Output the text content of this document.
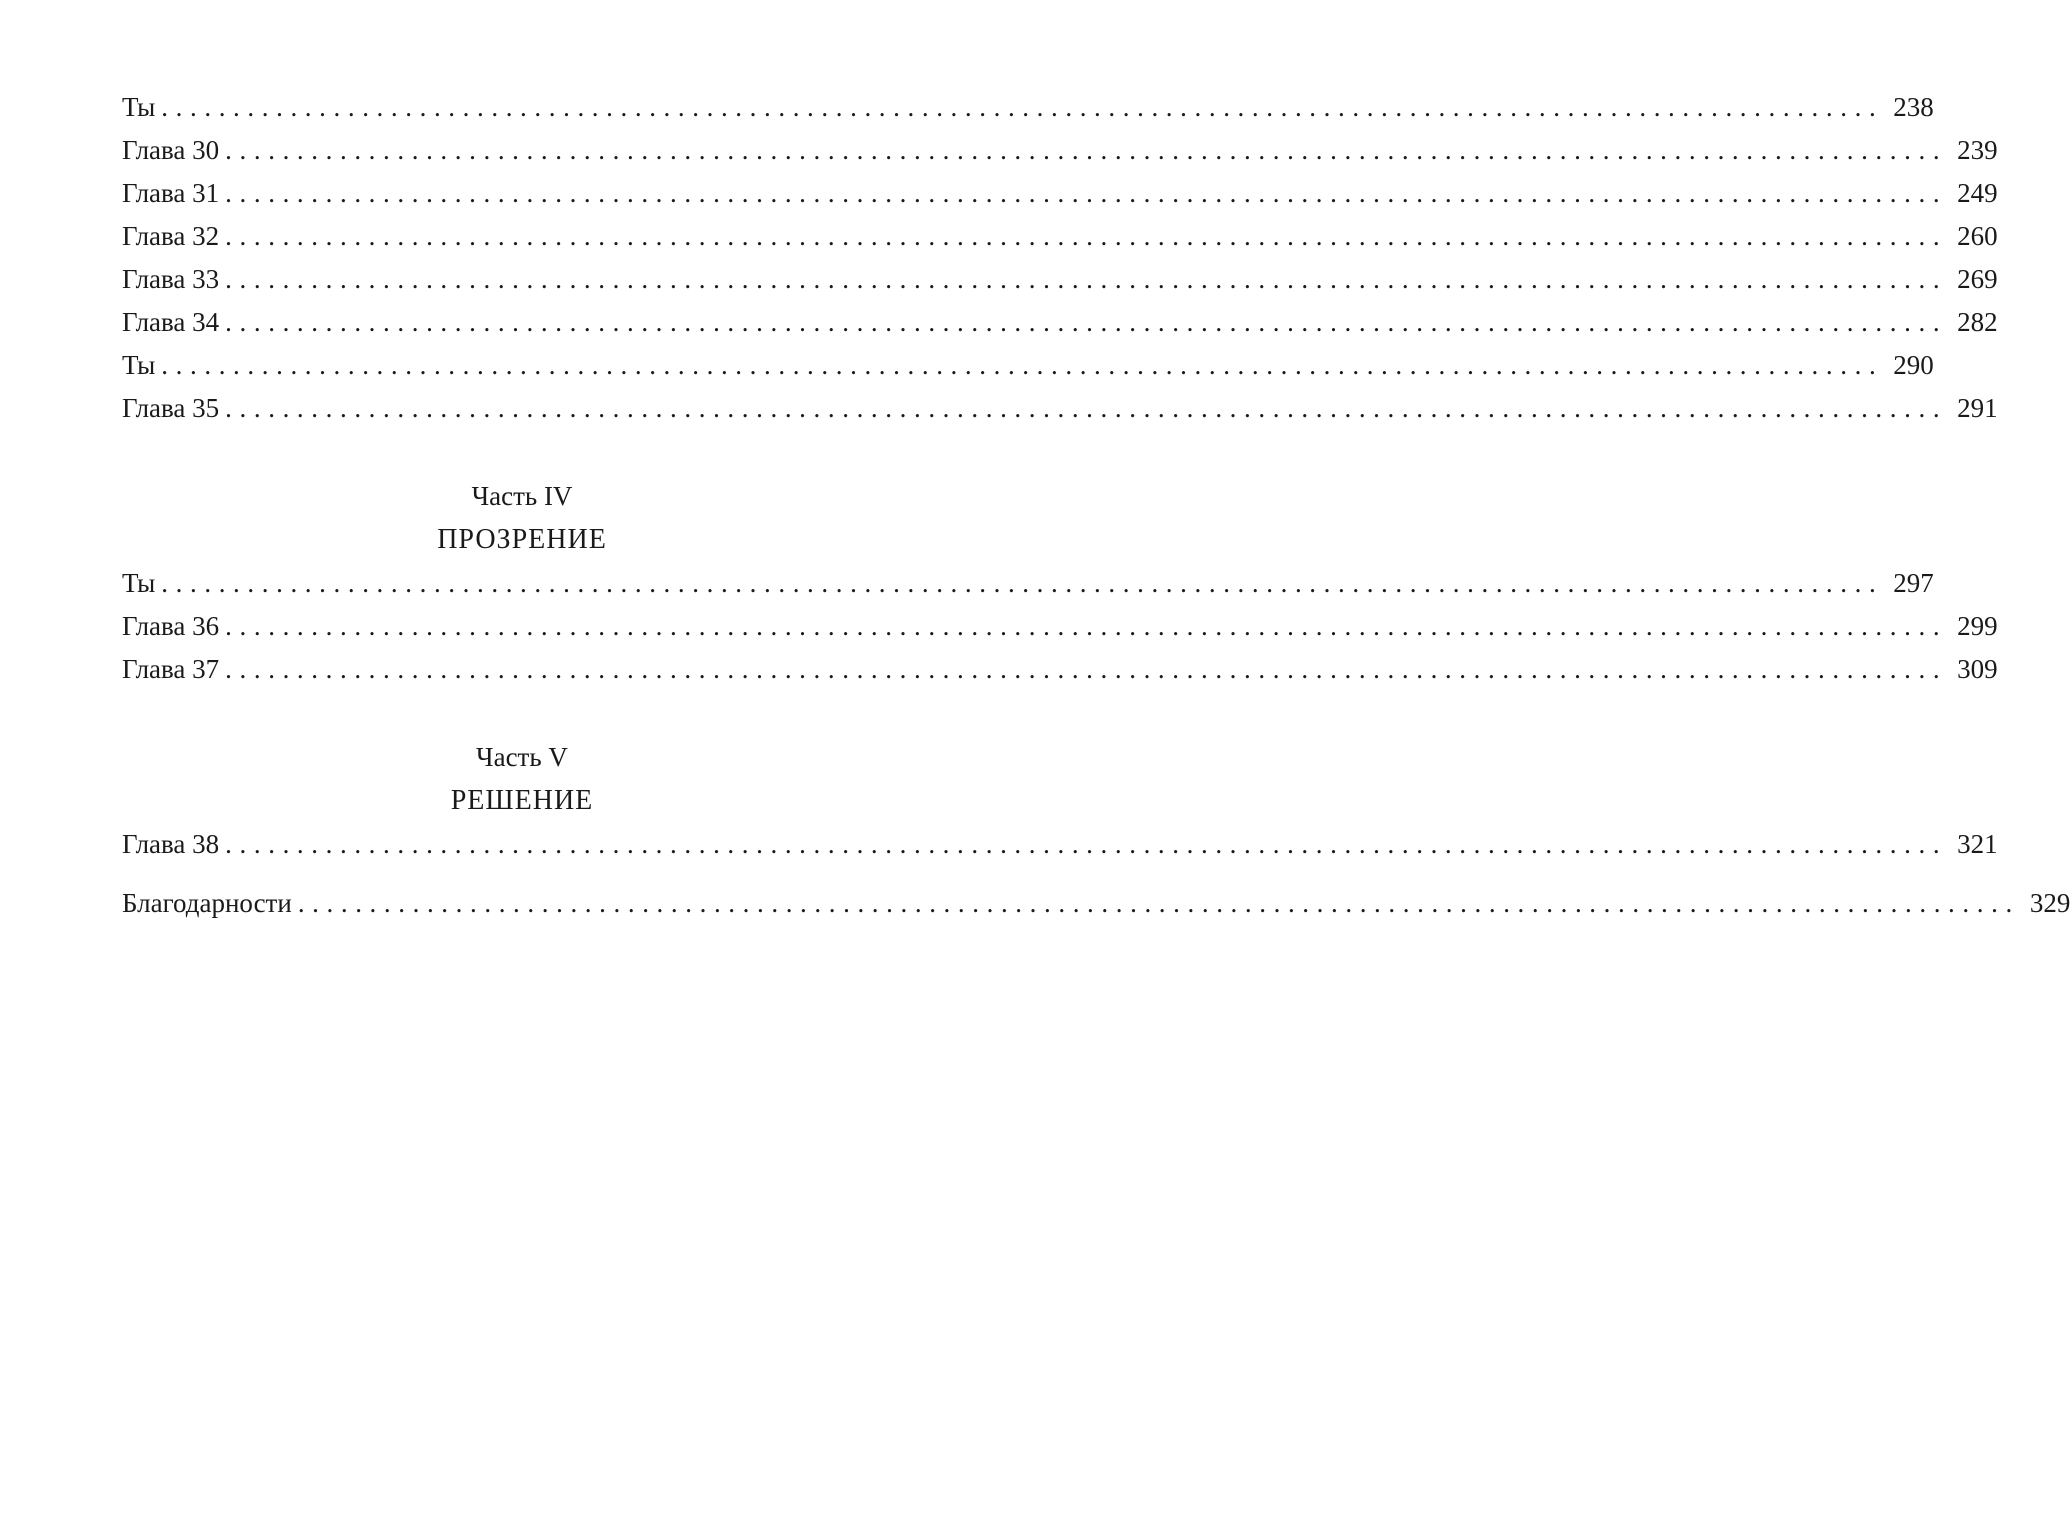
Ты ........................................................................................................................ 238
Глава 30 ........................................................................................................................ 239
Глава 31 ........................................................................................................................ 249
Глава 32 ........................................................................................................................ 260
Глава 33 ........................................................................................................................ 269
Глава 34 ........................................................................................................................ 282
Ты ........................................................................................................................ 290
Глава 35 ........................................................................................................................ 291
Часть IV
ПРОЗРЕНИЕ
Ты ........................................................................................................................ 297
Глава 36 ........................................................................................................................ 299
Глава 37 ........................................................................................................................ 309
Часть V
РЕШЕНИЕ
Глава 38 ........................................................................................................................ 321
Благодарности ........................................................................................................................ 329
